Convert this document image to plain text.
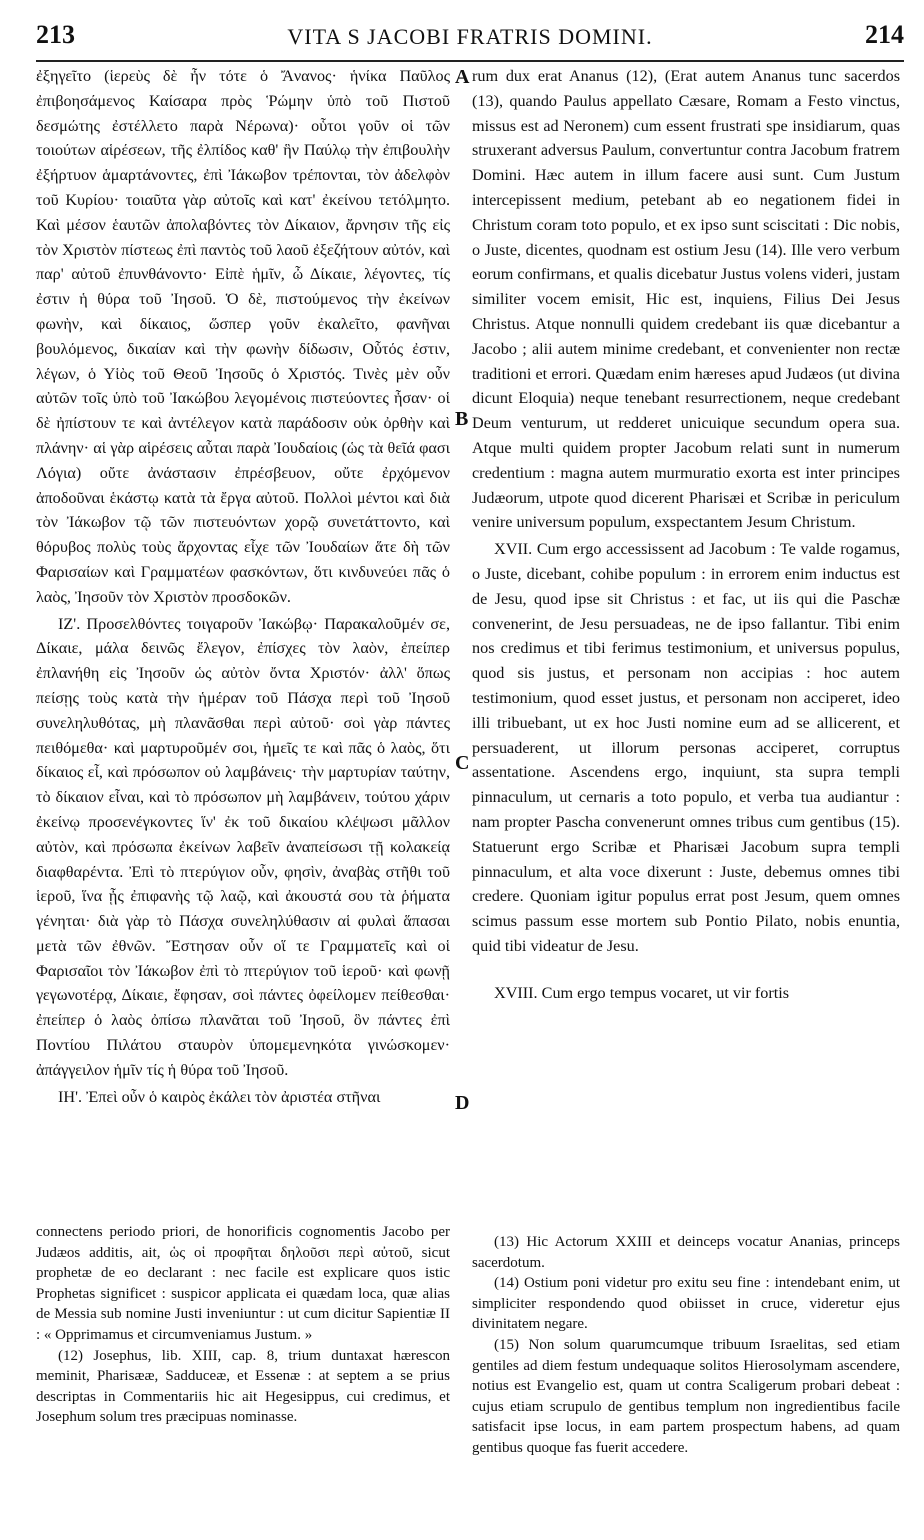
213	VITA S JACOBI FRATRIS DOMINI.	214

ἐξηγεῖτο (ἱερεὺς δὲ ἦν τότε ὁ Ἄνανος· ἡνίκα Παῦλος ἐπιβοησάμενος Καίσαρα πρὸς Ῥώμην ὑπὸ τοῦ Πιστοῦ δεσμώτης ἐστέλλετο παρὰ Νέρωνα)· οὗτοι γοῦν οἱ τῶν τοιούτων αἱρέσεων, τῆς ἐλπίδος καθ' ἣν Παύλῳ τὴν ἐπιβουλὴν ἐξήρτυον ἁμαρτάνοντες, ἐπὶ Ἰάκωβον τρέπονται, τὸν ἀδελφὸν τοῦ Κυρίου· τοιαῦτα γὰρ αὐτοῖς καὶ κατ' ἐκείνου τετόλμητο. Καὶ μέσον ἑαυτῶν ἀπολαβόντες τὸν Δίκαιον, ἄρνησιν τῆς εἰς τὸν Χριστὸν πίστεως ἐπὶ παντὸς τοῦ λαοῦ ἐξεζήτουν αὐτόν, καὶ παρ' αὐτοῦ ἐπυνθάνοντο· Εἰπὲ ἡμῖν, ὦ Δίκαιε, λέγοντες, τίς ἐστιν ἡ θύρα τοῦ Ἰησοῦ. Ὁ δὲ, πιστούμενος τὴν ἐκείνων φωνὴν, καὶ δίκαιος, ὥσπερ γοῦν ἐκαλεῖτο, φανῆναι βουλόμενος, δικαίαν καὶ τὴν φωνὴν δίδωσιν, Οὗτός ἐστιν, λέγων, ὁ Υἱὸς τοῦ Θεοῦ Ἰησοῦς ὁ Χριστός. Τινὲς μὲν οὖν αὐτῶν τοῖς ὑπὸ τοῦ Ἰακώβου λεγομένοις πιστεύοντες ἦσαν· οἱ δὲ ἠπίστουν τε καὶ ἀντέλεγον κατὰ παράδοσιν οὐκ ὀρθὴν καὶ πλάνην· αἱ γὰρ αἱρέσεις αὗται παρὰ Ἰουδαίοις (ὡς τὰ θεῖά φασι Λόγια) οὔτε ἀνάστασιν ἐπρέσβευον, οὔτε ἐρχόμενον ἀποδοῦναι ἑκάστῳ κατὰ τὰ ἔργα αὐτοῦ. Πολλοὶ μέντοι καὶ διὰ τὸν Ἰάκωβον τῷ τῶν πιστευόντων χορῷ συνετάττοντο, καὶ θόρυβος πολὺς τοὺς ἄρχοντας εἶχε τῶν Ἰουδαίων ἅτε δὴ τῶν Φαρισαίων καὶ Γραμματέων φασκόντων, ὅτι κινδυνεύει πᾶς ὁ λαὸς, Ἰησοῦν τὸν Χριστὸν προσδοκῶν.

ΙΖ'. Προσελθόντες τοιγαροῦν Ἰακώβῳ· Παρακαλοῦμέν σε, Δίκαιε, μάλα δεινῶς ἔλεγον, ἐπίσχες τὸν λαὸν, ἐπείπερ ἐπλανήθη εἰς Ἰησοῦν ὡς αὐτὸν ὄντα Χριστόν· ἀλλ' ὅπως πείσῃς τοὺς κατὰ τὴν ἡμέραν τοῦ Πάσχα περὶ τοῦ Ἰησοῦ συνεληλυθότας, μὴ πλανᾶσθαι περὶ αὐτοῦ· σοὶ γὰρ πάντες πειθόμεθα· καὶ μαρτυροῦμέν σοι, ἡμεῖς τε καὶ πᾶς ὁ λαὸς, ὅτι δίκαιος εἶ, καὶ πρόσωπον οὐ λαμβάνεις· τὴν μαρτυρίαν ταύτην, τὸ δίκαιον εἶναι, καὶ τὸ πρόσωπον μὴ λαμβάνειν, τούτου χάριν ἐκείνῳ προσενέγκοντες ἵν' ἐκ τοῦ δικαίου κλέψωσι μᾶλλον αὐτὸν, καὶ πρόσωπα ἐκείνων λαβεῖν ἀναπείσωσι τῇ κολακείᾳ διαφθαρέντα. Ἐπὶ τὸ πτερύγιον οὖν, φησὶν, ἀναβὰς στῆθι τοῦ ἱεροῦ, ἵνα ᾖς ἐπιφανὴς τῷ λαῷ, καὶ ἀκουστά σου τὰ ῥήματα γένηται· διὰ γὰρ τὸ Πάσχα συνεληλύθασιν αἱ φυλαὶ ἅπασαι μετὰ τῶν ἐθνῶν. Ἔστησαν οὖν οἵ τε Γραμματεῖς καὶ οἱ Φαρισαῖοι τὸν Ἰάκωβον ἐπὶ τὸ πτερύγιον τοῦ ἱεροῦ· καὶ φωνῇ γεγωνοτέρᾳ, Δίκαιε, ἔφησαν, σοὶ πάντες ὀφείλομεν πείθεσθαι· ἐπείπερ ὁ λαὸς ὀπίσω πλανᾶται τοῦ Ἰησοῦ, ὃν πάντες ἐπὶ Ποντίου Πιλάτου σταυρὸν ὑπομεμενηκότα γινώσκομεν· ἀπάγγειλον ἡμῖν τίς ἡ θύρα τοῦ Ἰησοῦ.

ΙΗ'. Ἐπεὶ οὖν ὁ καιρὸς ἐκάλει τὸν ἀριστέα στῆναι

A
B
C
D

rum dux erat Ananus (12), (Erat autem Ananus tunc sacerdos (13), quando Paulus appellato Cæsare, Romam a Festo vinctus, missus est ad Neronem) cum essent frustrati spe insidiarum, quas struxerant adversus Paulum, convertuntur contra Jacobum fratrem Domini. Hæc autem in illum facere ausi sunt. Cum Justum intercepissent medium, petebant ab eo negationem fidei in Christum coram toto populo, et ex ipso sunt sciscitati : Dic nobis, o Juste, dicentes, quodnam est ostium Jesu (14). Ille vero verbum eorum confirmans, et qualis dicebatur Justus volens videri, justam similiter vocem emisit, Hic est, inquiens, Filius Dei Jesus Christus. Atque nonnulli quidem credebant iis quæ dicebantur a Jacobo ; alii autem minime credebant, et convenienter non rectæ traditioni et errori. Quædam enim hæreses apud Judæos (ut divina dicunt Eloquia) neque tenebant resurrectionem, neque credebant Deum venturum, ut redderet unicuique secundum opera sua. Atque multi quidem propter Jacobum relati sunt in numerum credentium : magna autem murmuratio exorta est inter principes Judæorum, utpote quod dicerent Pharisæi et Scribæ in periculum venire universum populum, exspectantem Jesum Christum.

XVII. Cum ergo accessissent ad Jacobum : Te valde rogamus, o Juste, dicebant, cohibe populum : in errorem enim inductus est de Jesu, quod ipse sit Christus : et fac, ut iis qui die Paschæ convenerint, de Jesu persuadeas, ne de ipso fallantur. Tibi enim nos credimus et tibi ferimus testimonium, et universus populus, quod sis justus, et personam non accipias : hoc autem testimonium, quod esset justus, et personam non acciperet, ideo illi tribuebant, ut ex hoc Justi nomine eum ad se allicerent, et persuaderent, ut illorum personas acciperet, corruptus assentatione. Ascendens ergo, inquiunt, sta supra templi pinnaculum, ut cernaris a toto populo, et verba tua audiantur : nam propter Pascha convenerunt omnes tribus cum gentibus (15). Statuerunt ergo Scribæ et Pharisæi Jacobum supra templi pinnaculum, et alta voce dixerunt : Juste, debemus omnes tibi credere. Quoniam igitur populus errat post Jesum, quem omnes scimus passum esse mortem sub Pontio Pilato, nobis enuntia, quid tibi videatur de Jesu.

XVIII. Cum ergo tempus vocaret, ut vir fortis

connectens periodo priori, de honorificis cognomentis Jacobo per Judæos additis, ait, ὡς οἱ προφῆται δηλοῦσι περὶ αὐτοῦ, sicut prophetæ de eo declarant : nec facile est explicare quos istic Prophetas significet : suspicor applicata ei quædam loca, quæ alias de Messia sub nomine Justi inveniuntur : ut cum dicitur Sapientiæ II : « Opprimamus et circumveniamus Justum. »

(12) Josephus, lib. XIII, cap. 8, trium duntaxat hærescon meminit, Pharisææ, Sadduceæ, et Essenæ : at septem a se prius descriptas in Commentariis hic ait Hegesippus, cui credimus, et Josephum solum tres præcipuas nominasse.

(13) Hic Actorum XXIII et deinceps vocatur Ananias, princeps sacerdotum.

(14) Ostium poni videtur pro exitu seu fine : intendebant enim, ut simpliciter respondendo quod obiisset in cruce, videretur ejus divinitatem negare.

(15) Non solum quarumcumque tribuum Israelitas, sed etiam gentiles ad diem festum undequaque solitos Hierosolymam ascendere, notius est Evangelio est, quam ut contra Scaligerum probari debeat : cujus etiam scrupulo de gentibus templum non ingredientibus facile satisfacit ipse locus, in eam partem prospectum habens, ad quam gentibus quoque fas fuerit accedere.
